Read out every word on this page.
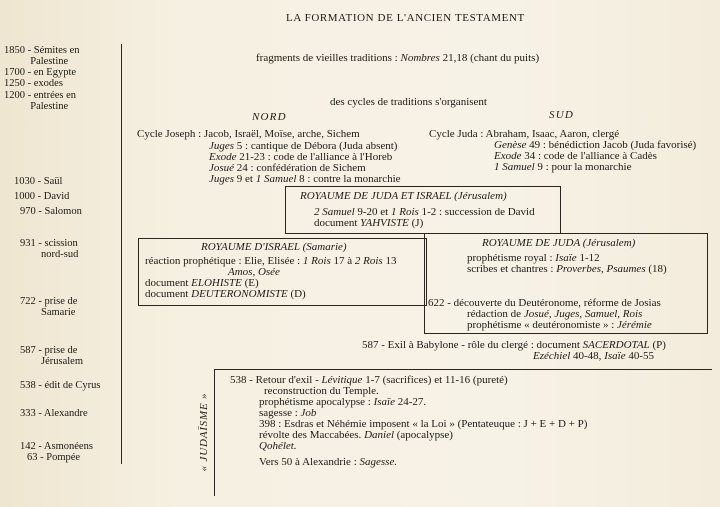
LA FORMATION DE L'ANCIEN TESTAMENT
1850 - Sémites en
Palestine
1700 - en Egypte
1250 - exodes
1200 - entrées en
Palestine
1030 - Saül
1000 - David
970 - Salomon
931 - scission
nord-sud
722 - prise de
Samarie
587 - prise de
Jérusalem
538 - édit de Cyrus
333 - Alexandre
142 - Asmonéens
63 - Pompée
fragments de vieilles traditions : Nombres 21,18 (chant du puits)
des cycles de traditions s'organisent
NORD
Cycle Joseph : Jacob, Israël, Moïse, arche, Sichem
Juges 5 : cantique de Débora (Juda absent)
Exode 21-23 : code de l'alliance à l'Horeb
Josué 24 : confédération de Sichem
Juges 9 et 1 Samuel 8 : contre la monarchie
SUD
Cycle Juda : Abraham, Isaac, Aaron, clergé
Genèse 49 : bénédiction Jacob (Juda favorisé)
Exode 34 : code de l'alliance à Cadès
1 Samuel 9 : pour la monarchie
ROYAUME DE JUDA ET ISRAEL (Jérusalem)
2 Samuel 9-20 et 1 Rois 1-2 : succession de David
document YAHVISTE (J)
ROYAUME D'ISRAEL (Samarie)
réaction prophétique : Elie, Elisée : 1 Rois 17 à 2 Rois 13
Amos, Osée
document ELOHISTE (E)
document DEUTERONOMISTE (D)
ROYAUME DE JUDA (Jérusalem)
prophétisme royal : Isaïe 1-12
scribes et chantres : Proverbes, Psaumes (18)
622 - découverte du Deutéronome, réforme de Josias
rédaction de Josué, Juges, Samuel, Rois
prophétisme « deutéronomiste » : Jérémie
587 - Exil à Babylone - rôle du clergé : document SACERDOTAL (P)
Ezéchiel 40-48, Isaïe 40-55
« JUDAÏSME »
538 - Retour d'exil - Lévitique 1-7 (sacrifices) et 11-16 (pureté)
reconstruction du Temple.
prophétisme apocalypse : Isaïe 24-27.
sagesse : Job
398 : Esdras et Néhémie imposent « la Loi » (Pentateuque : J + E + D + P)
révolte des Maccabées. Daniel (apocalypse)
Qohélet.
Vers 50 à Alexandrie : Sagesse.
